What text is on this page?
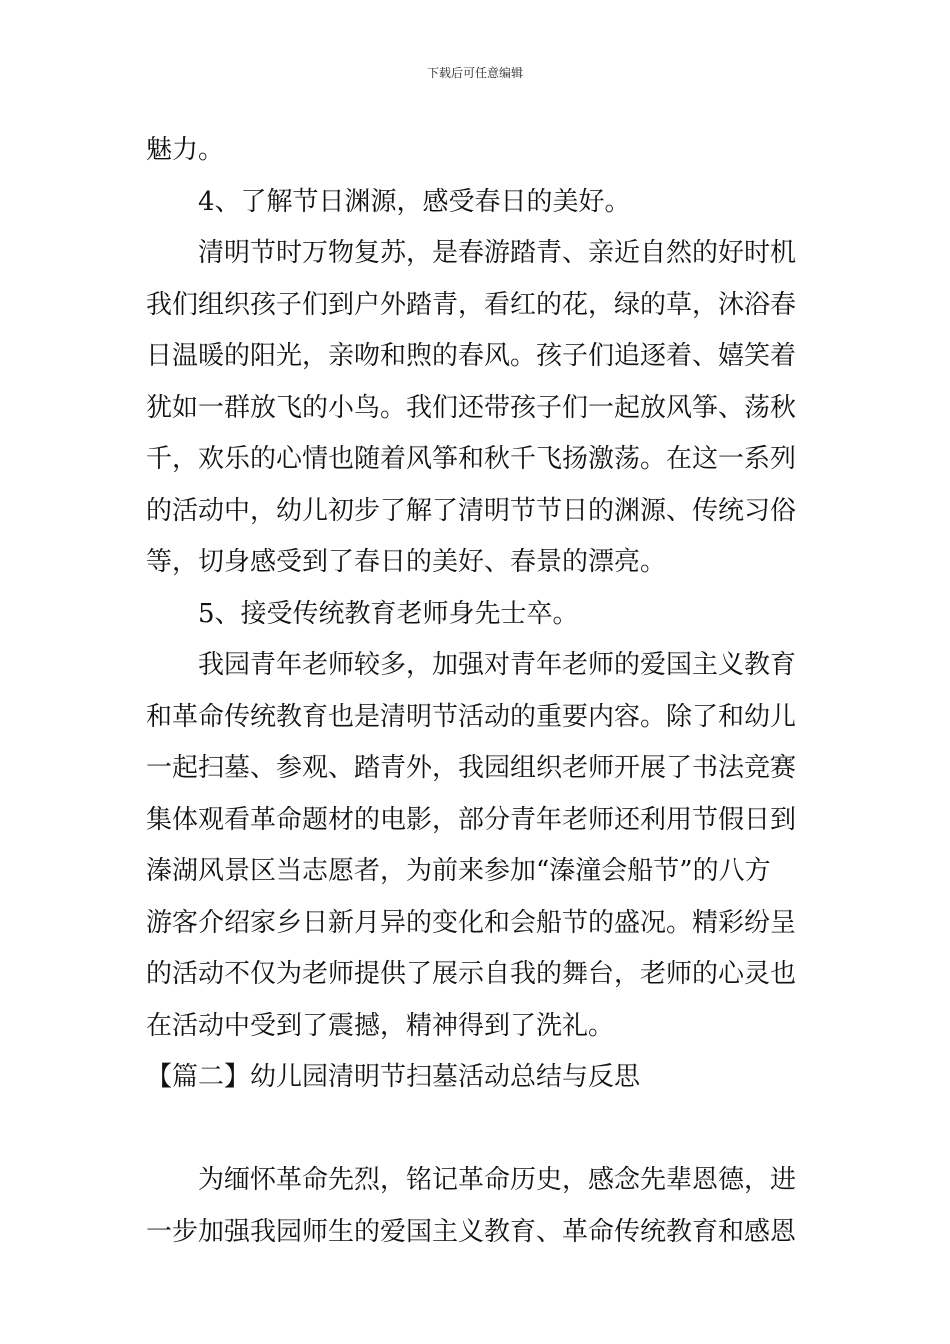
下载后可任意编辑
魅力。
4、了解节日渊源，感受春日的美好。
清明节时万物复苏，是春游踏青、亲近自然的好时机
我们组织孩子们到户外踏青，看红的花，绿的草，沐浴春
日温暖的阳光，亲吻和煦的春风。孩子们追逐着、嬉笑着
犹如一群放飞的小鸟。我们还带孩子们一起放风筝、荡秋
千，欢乐的心情也随着风筝和秋千飞扬激荡。在这一系列
的活动中，幼儿初步了解了清明节节日的渊源、传统习俗
等，切身感受到了春日的美好、春景的漂亮。
5、接受传统教育老师身先士卒。
我园青年老师较多，加强对青年老师的爱国主义教育
和革命传统教育也是清明节活动的重要内容。除了和幼儿
一起扫墓、参观、踏青外，我园组织老师开展了书法竞赛
集体观看革命题材的电影，部分青年老师还利用节假日到
溱湖风景区当志愿者，为前来参加“溱潼会船节”的八方
游客介绍家乡日新月异的变化和会船节的盛况。精彩纷呈
的活动不仅为老师提供了展示自我的舞台，老师的心灵也
在活动中受到了震撼，精神得到了洗礼。
【篇二】幼儿园清明节扫墓活动总结与反思
为缅怀革命先烈，铭记革命历史，感念先辈恩德，进
一步加强我园师生的爱国主义教育、革命传统教育和感恩
